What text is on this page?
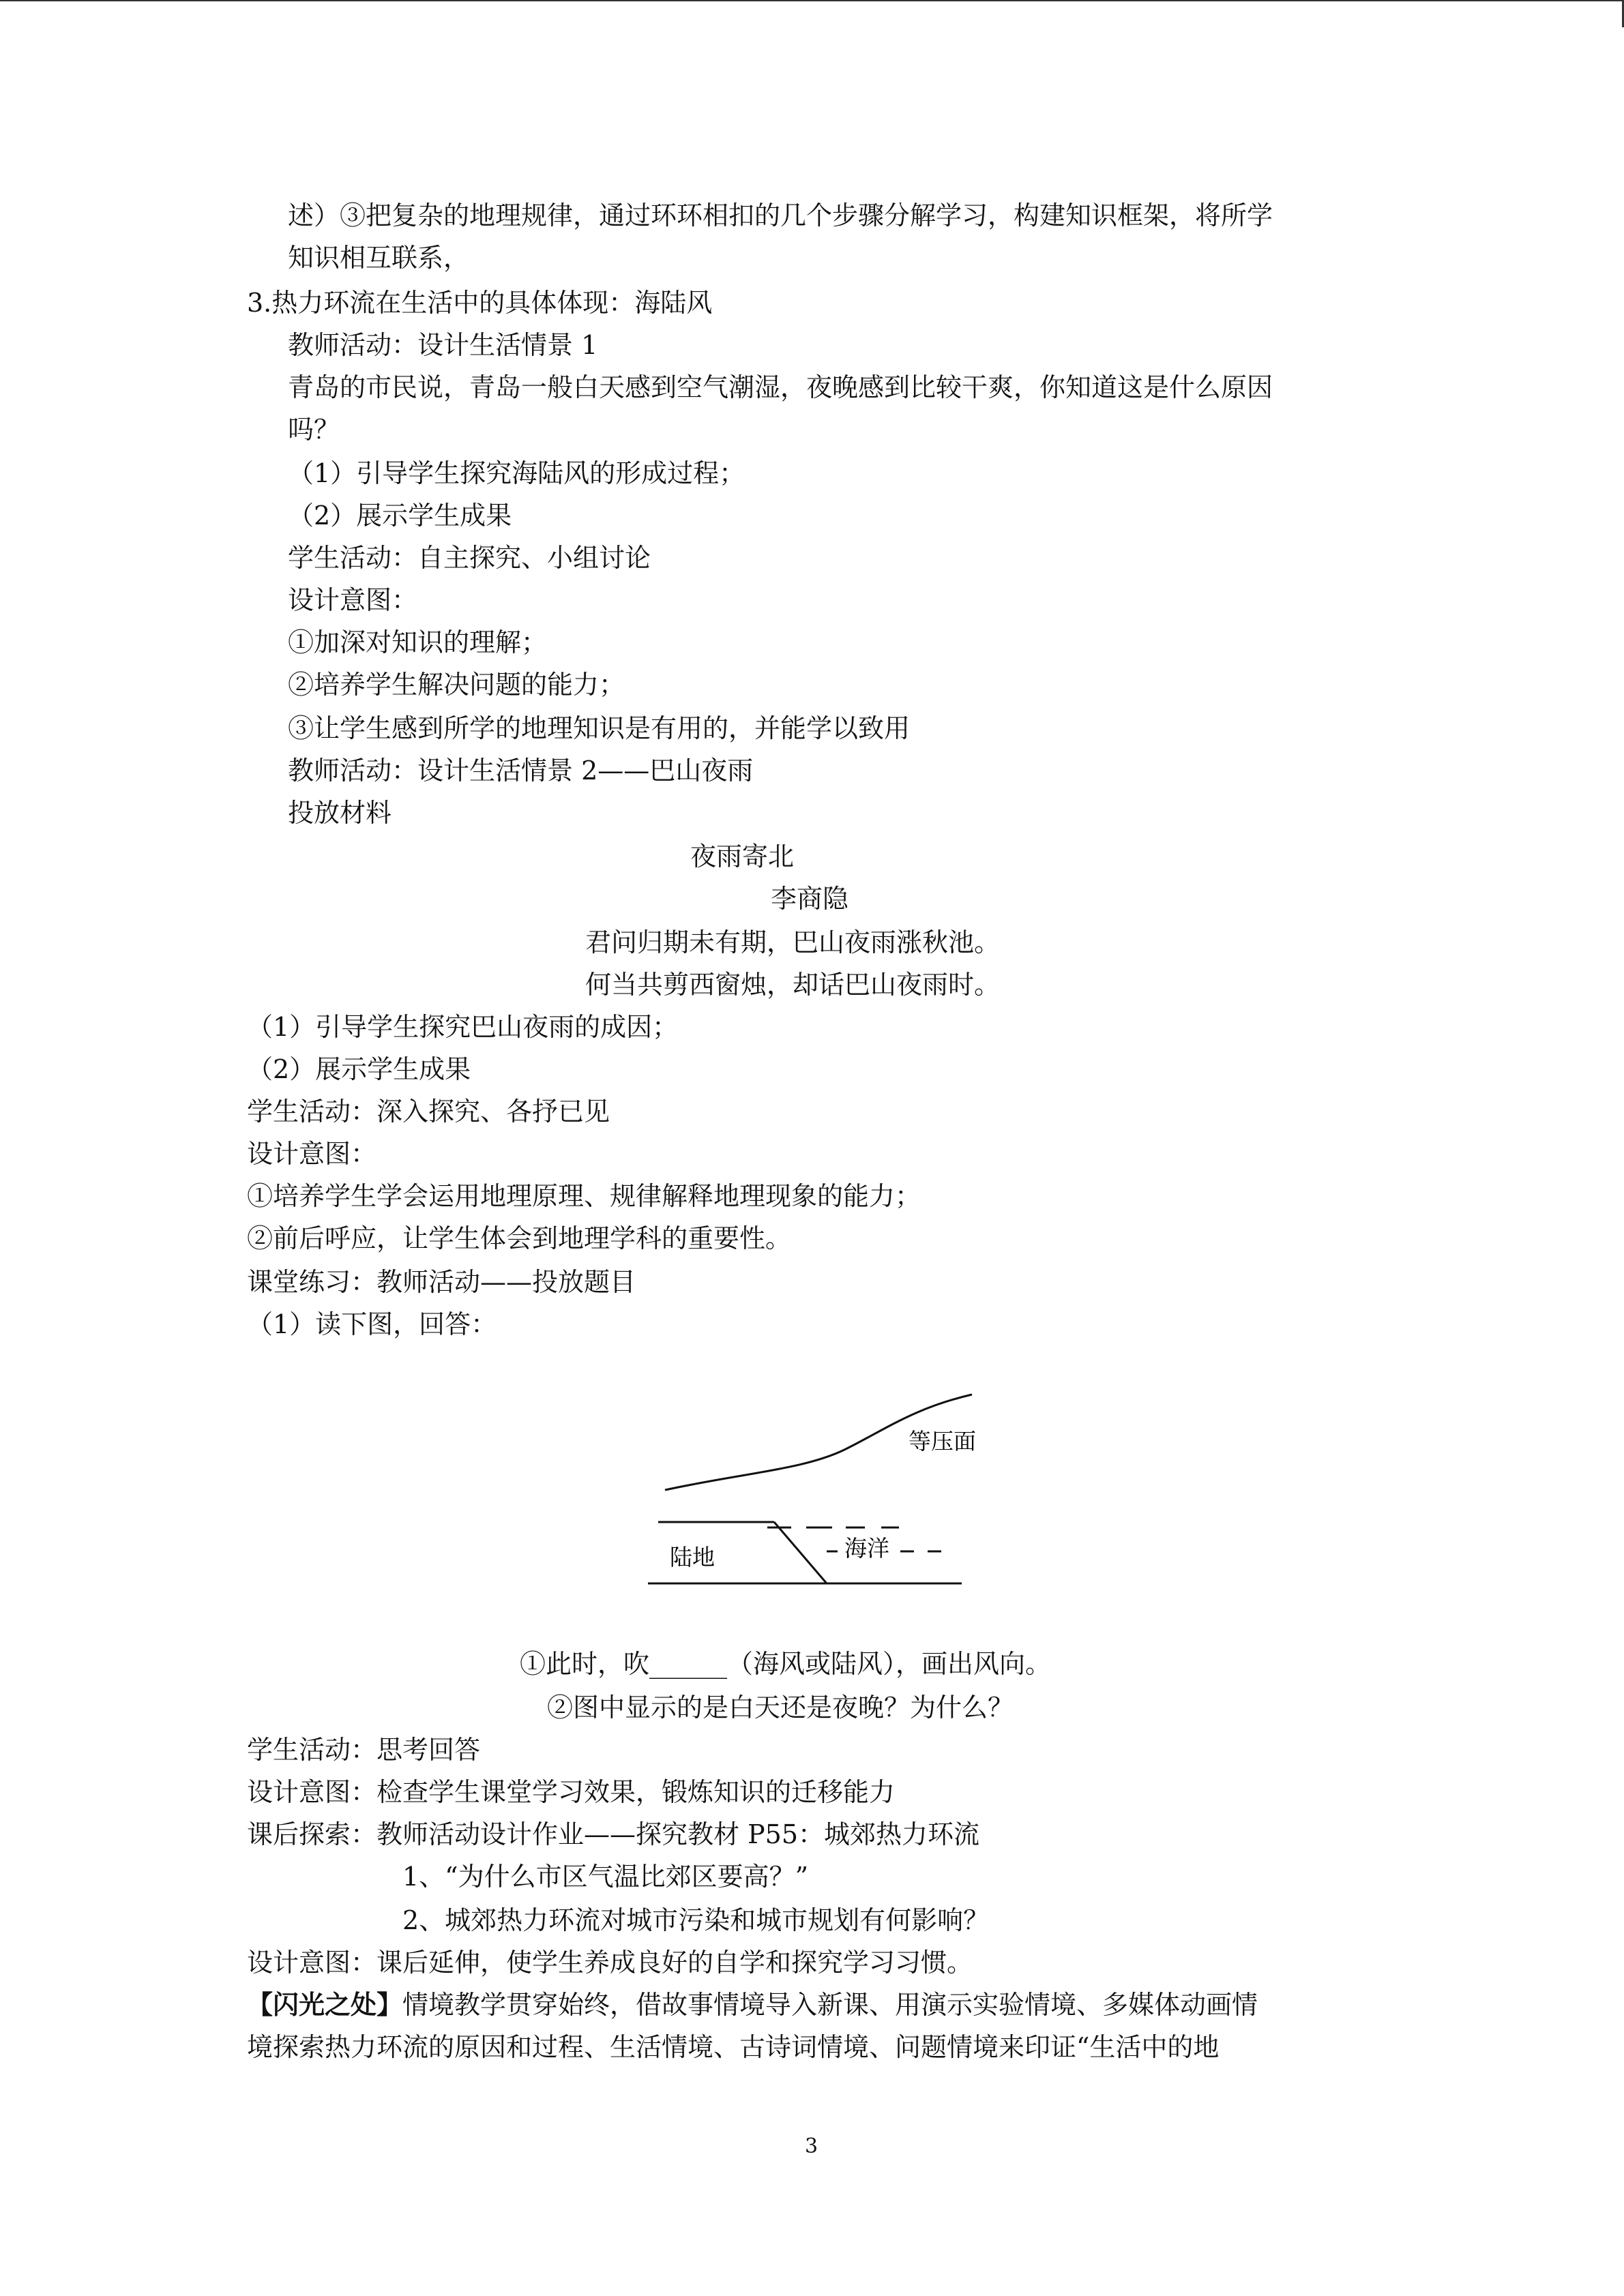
述）③把复杂的地理规律，通过环环相扣的几个步骤分解学习，构建知识框架，将所学
知识相互联系，
3.热力环流在生活中的具体体现：海陆风
教师活动：设计生活情景 1
青岛的市民说，青岛一般白天感到空气潮湿，夜晚感到比较干爽，你知道这是什么原因
吗？
（1）引导学生探究海陆风的形成过程；
（2）展示学生成果
学生活动：自主探究、小组讨论
设计意图：
①加深对知识的理解；
②培养学生解决问题的能力；
③让学生感到所学的地理知识是有用的，并能学以致用
教师活动：设计生活情景 2——巴山夜雨
投放材料
夜雨寄北
李商隐
君问归期未有期，巴山夜雨涨秋池。
何当共剪西窗烛，却话巴山夜雨时。
（1）引导学生探究巴山夜雨的成因；
（2）展示学生成果
学生活动：深入探究、各抒已见
设计意图：
①培养学生学会运用地理原理、规律解释地理现象的能力；
②前后呼应，让学生体会到地理学科的重要性。
课堂练习：教师活动——投放题目
（1）读下图，回答：
等压面
陆地	海洋
①此时，吹______（海风或陆风），画出风向。
②图中显示的是白天还是夜晚？为什么？
学生活动：思考回答
设计意图：检查学生课堂学习效果，锻炼知识的迁移能力
课后探索：教师活动设计作业——探究教材 P55：城郊热力环流
1、“为什么市区气温比郊区要高？”
2、城郊热力环流对城市污染和城市规划有何影响？
设计意图：课后延伸，使学生养成良好的自学和探究学习习惯。
【闪光之处】情境教学贯穿始终，借故事情境导入新课、用演示实验情境、多媒体动画情
境探索热力环流的原因和过程、生活情境、古诗词情境、问题情境来印证“生活中的地
3
